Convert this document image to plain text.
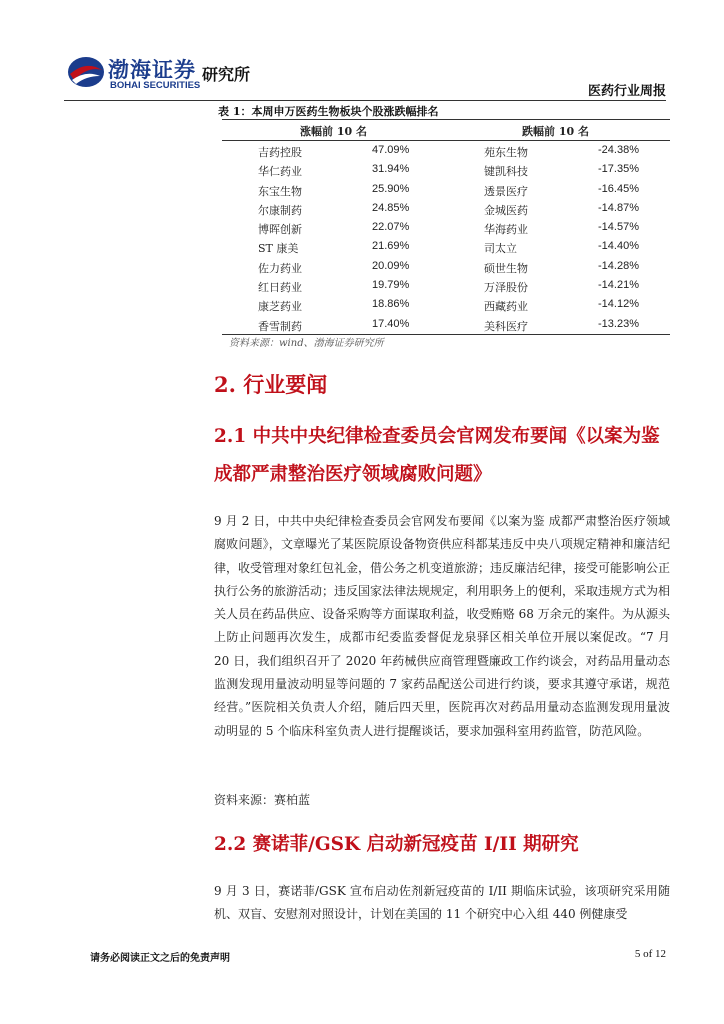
渤海证券
BOHAI SECURITIES
研究所
医药行业周报
表 1：本周申万医药生物板块个股涨跌幅排名
涨幅前 10 名	跌幅前 10 名
吉药控股	47.09%	苑东生物	-24.38%
华仁药业	31.94%	键凯科技	-17.35%
东宝生物	25.90%	透景医疗	-16.45%
尔康制药	24.85%	金城医药	-14.87%
博晖创新	22.07%	华海药业	-14.57%
ST 康美	21.69%	司太立	-14.40%
佐力药业	20.09%	硕世生物	-14.28%
红日药业	19.79%	万泽股份	-14.21%
康芝药业	18.86%	西藏药业	-14.12%
香雪制药	17.40%	美科医疗	-13.23%
资料来源：wind、渤海证券研究所
2. 行业要闻
2.1 中共中央纪律检查委员会官网发布要闻《以案为鉴 成都严肃整治医疗领域腐败问题》
9 月 2 日，中共中央纪律检查委员会官网发布要闻《以案为鉴 成都严肃整治医疗领域腐败问题》，文章曝光了某医院原设备物资供应科都某违反中央八项规定精神和廉洁纪律，收受管理对象红包礼金，借公务之机变道旅游；违反廉洁纪律，接受可能影响公正执行公务的旅游活动；违反国家法律法规规定，利用职务上的便利，采取违规方式为相关人员在药品供应、设备采购等方面谋取利益，收受贿赂 68 万余元的案件。为从源头上防止问题再次发生，成都市纪委监委督促龙泉驿区相关单位开展以案促改。“7 月 20 日，我们组织召开了 2020 年药械供应商管理暨廉政工作约谈会，对药品用量动态监测发现用量波动明显等问题的 7 家药品配送公司进行约谈，要求其遵守承诺，规范经营。”医院相关负责人介绍，随后四天里，医院再次对药品用量动态监测发现用量波动明显的 5 个临床科室负责人进行提醒谈话，要求加强科室用药监管，防范风险。
资料来源：赛柏蓝
2.2 赛诺菲/GSK 启动新冠疫苗 I/II 期研究
9 月 3 日，赛诺菲/GSK 宣布启动佐剂新冠疫苗的 I/II 期临床试验，该项研究采用随机、双盲、安慰剂对照设计，计划在美国的 11 个研究中心入组 440 例健康受
请务必阅读正文之后的免责声明	5 of 12
